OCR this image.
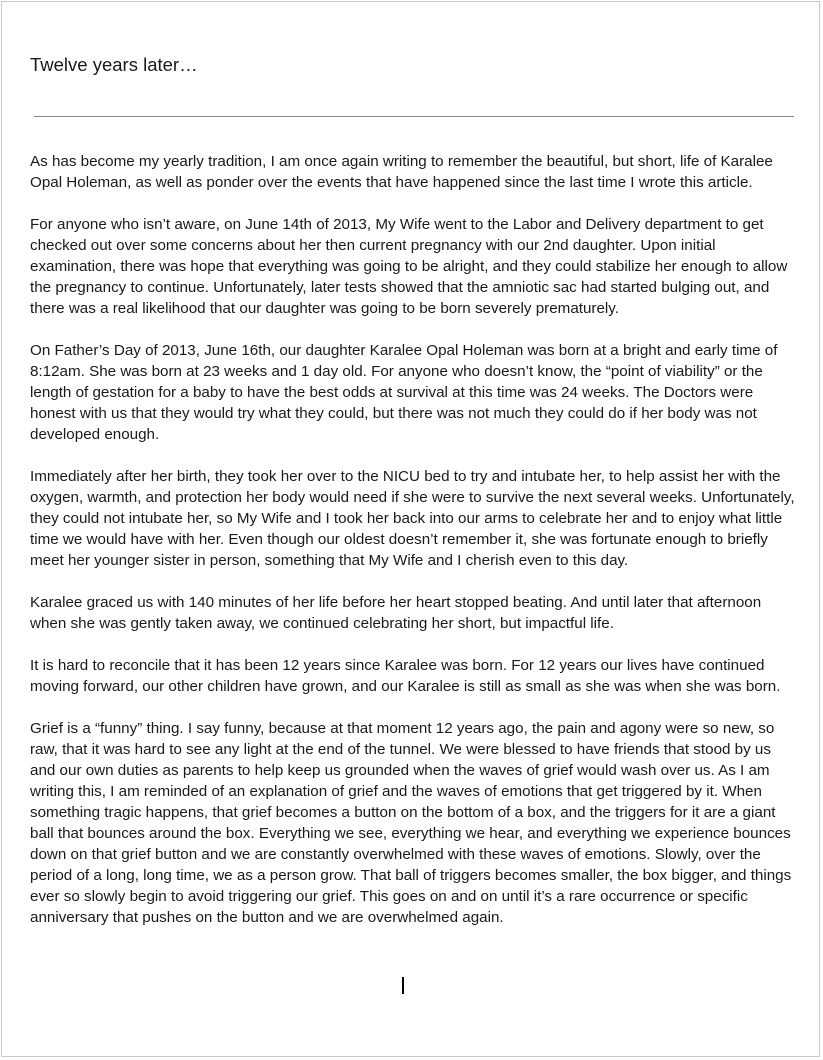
Twelve years later…

As has become my yearly tradition, I am once again writing to remember the beautiful, but short, life of Karalee Opal Holeman, as well as ponder over the events that have happened since the last time I wrote this article.

For anyone who isn’t aware, on June 14th of 2013, My Wife went to the Labor and Delivery department to get checked out over some concerns about her then current pregnancy with our 2nd daughter. Upon initial examination, there was hope that everything was going to be alright, and they could stabilize her enough to allow the pregnancy to continue. Unfortunately, later tests showed that the amniotic sac had started bulging out, and there was a real likelihood that our daughter was going to be born severely prematurely.

On Father’s Day of 2013, June 16th, our daughter Karalee Opal Holeman was born at a bright and early time of 8:12am. She was born at 23 weeks and 1 day old. For anyone who doesn’t know, the “point of viability” or the length of gestation for a baby to have the best odds at survival at this time was 24 weeks. The Doctors were honest with us that they would try what they could, but there was not much they could do if her body was not developed enough.

Immediately after her birth, they took her over to the NICU bed to try and intubate her, to help assist her with the oxygen, warmth, and protection her body would need if she were to survive the next several weeks. Unfortunately, they could not intubate her, so My Wife and I took her back into our arms to celebrate her and to enjoy what little time we would have with her. Even though our oldest doesn’t remember it, she was fortunate enough to briefly meet her younger sister in person, something that My Wife and I cherish even to this day.

Karalee graced us with 140 minutes of her life before her heart stopped beating. And until later that afternoon when she was gently taken away, we continued celebrating her short, but impactful life.

It is hard to reconcile that it has been 12 years since Karalee was born. For 12 years our lives have continued moving forward, our other children have grown, and our Karalee is still as small as she was when she was born.

Grief is a “funny” thing. I say funny, because at that moment 12 years ago, the pain and agony were so new, so raw, that it was hard to see any light at the end of the tunnel. We were blessed to have friends that stood by us and our own duties as parents to help keep us grounded when the waves of grief would wash over us. As I am writing this, I am reminded of an explanation of grief and the waves of emotions that get triggered by it. When something tragic happens, that grief becomes a button on the bottom of a box, and the triggers for it are a giant ball that bounces around the box. Everything we see, everything we hear, and everything we experience bounces down on that grief button and we are constantly overwhelmed with these waves of emotions. Slowly, over the period of a long, long time, we as a person grow. That ball of triggers becomes smaller, the box bigger, and things ever so slowly begin to avoid triggering our grief. This goes on and on until it’s a rare occurrence or specific anniversary that pushes on the button and we are overwhelmed again.
